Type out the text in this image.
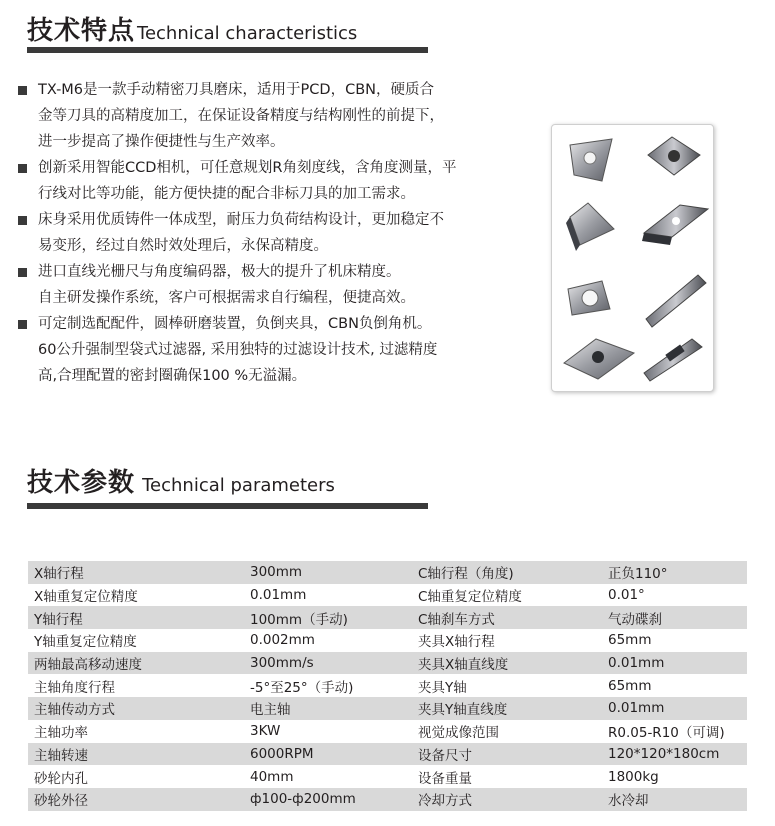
技术特点 Technical characteristics
TX-M6是一款手动精密刀具磨床，适用于PCD，CBN，硬质合
金等刀具的高精度加工，在保证设备精度与结构刚性的前提下，
进一步提高了操作便捷性与生产效率。
创新采用智能CCD相机，可任意规划R角刻度线，含角度测量，平
行线对比等功能，能方便快捷的配合非标刀具的加工需求。
床身采用优质铸件一体成型，耐压力负荷结构设计，更加稳定不
易变形，经过自然时效处理后，永保高精度。
进口直线光栅尺与角度编码器，极大的提升了机床精度。
自主研发操作系统，客户可根据需求自行编程，便捷高效。
可定制选配配件，圆棒研磨装置，负倒夹具，CBN负倒角机。
60公升强制型袋式过滤器, 采用独特的过滤设计技术, 过滤精度
高,合理配置的密封圈确保100 %无溢漏。
技术参数 Technical parameters
X轴行程	300mm	C轴行程（角度)	正负110°
X轴重复定位精度	0.01mm	C轴重复定位精度	0.01°
Y轴行程	100mm（手动)	C轴刹车方式	气动碟刹
Y轴重复定位精度	0.002mm	夹具X轴行程	65mm
两轴最高移动速度	300mm/s	夹具X轴直线度	0.01mm
主轴角度行程	-5°至25°（手动)	夹具Y轴	65mm
主轴传动方式	电主轴	夹具Y轴直线度	0.01mm
主轴功率	3KW	视觉成像范围	R0.05-R10（可调)
主轴转速	6000RPM	设备尺寸	120*120*180cm
砂轮内孔	40mm	设备重量	1800kg
砂轮外径	ф100-ф200mm	冷却方式	水冷却
